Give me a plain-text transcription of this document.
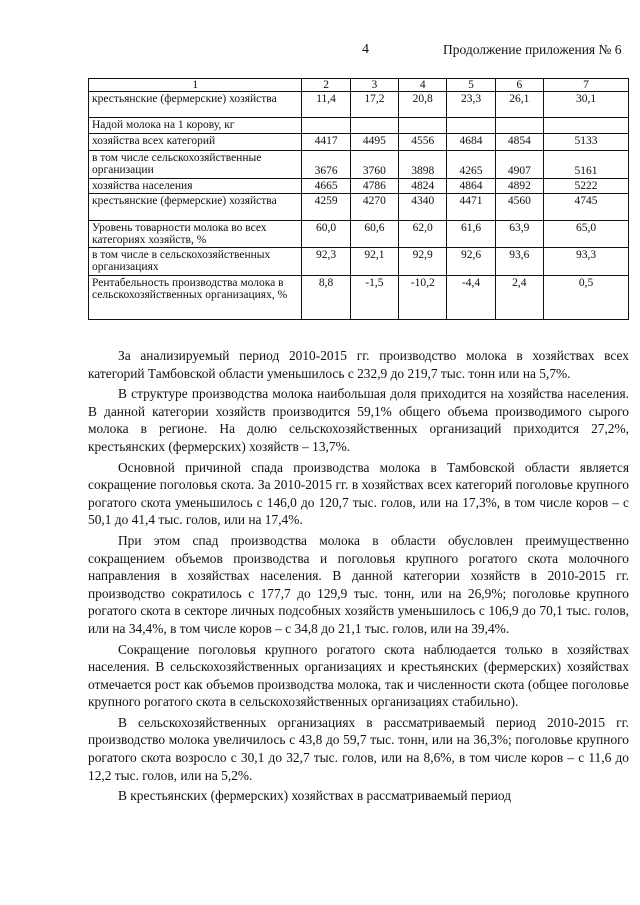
4	Продолжение приложения № 6
1	2	3	4	5	6	7
крестьянские (фермерские) хозяйства	11,4	17,2	20,8	23,3	26,1	30,1
Надой молока на 1 корову, кг						
хозяйства всех категорий	4417	4495	4556	4684	4854	5133
в том числе сельскохозяйственные организации	3676	3760	3898	4265	4907	5161
хозяйства населения	4665	4786	4824	4864	4892	5222
крестьянские (фермерские) хозяйства	4259	4270	4340	4471	4560	4745
Уровень товарности молока во всех категориях хозяйств, %	60,0	60,6	62,0	61,6	63,9	65,0
в том числе в сельскохозяйственных организациях	92,3	92,1	92,9	92,6	93,6	93,3
Рентабельность производства молока в сельскохозяйственных организациях, %	8,8	-1,5	-10,2	-4,4	2,4	0,5

За анализируемый период 2010-2015 гг. производство молока в хозяйствах всех категорий Тамбовской области уменьшилось с 232,9 до 219,7 тыс. тонн или на 5,7%.

В структуре производства молока наибольшая доля приходится на хозяйства населения. В данной категории хозяйств производится 59,1% общего объема производимого сырого молока в регионе. На долю сельскохозяйственных организаций приходится 27,2%, крестьянских (фермерских) хозяйств – 13,7%.

Основной причиной спада производства молока в Тамбовской области является сокращение поголовья скота. За 2010-2015 гг. в хозяйствах всех категорий поголовье крупного рогатого скота уменьшилось с 146,0 до 120,7 тыс. голов, или на 17,3%, в том числе коров – с 50,1 до 41,4 тыс. голов, или на 17,4%.

При этом спад производства молока в области обусловлен преимущественно сокращением объемов производства и поголовья крупного рогатого скота молочного направления в хозяйствах населения. В данной категории хозяйств в 2010-2015 гг. производство сократилось с 177,7 до 129,9 тыс. тонн, или на 26,9%; поголовье крупного рогатого скота в секторе личных подсобных хозяйств уменьшилось с 106,9 до 70,1 тыс. голов, или на 34,4%, в том числе коров – с 34,8 до 21,1 тыс. голов, или на 39,4%.

Сокращение поголовья крупного рогатого скота наблюдается только в хозяйствах населения. В сельскохозяйственных организациях и крестьянских (фермерских) хозяйствах отмечается рост как объемов производства молока, так и численности скота (общее поголовье крупного рогатого скота в сельскохозяйственных организациях стабильно).

В сельскохозяйственных организациях в рассматриваемый период 2010-2015 гг. производство молока увеличилось с 43,8 до 59,7 тыс. тонн, или на 36,3%; поголовье крупного рогатого скота возросло с 30,1 до 32,7 тыс. голов, или на 8,6%, в том числе коров – с 11,6 до 12,2 тыс. голов, или на 5,2%.

В крестьянских (фермерских) хозяйствах в рассматриваемый период
